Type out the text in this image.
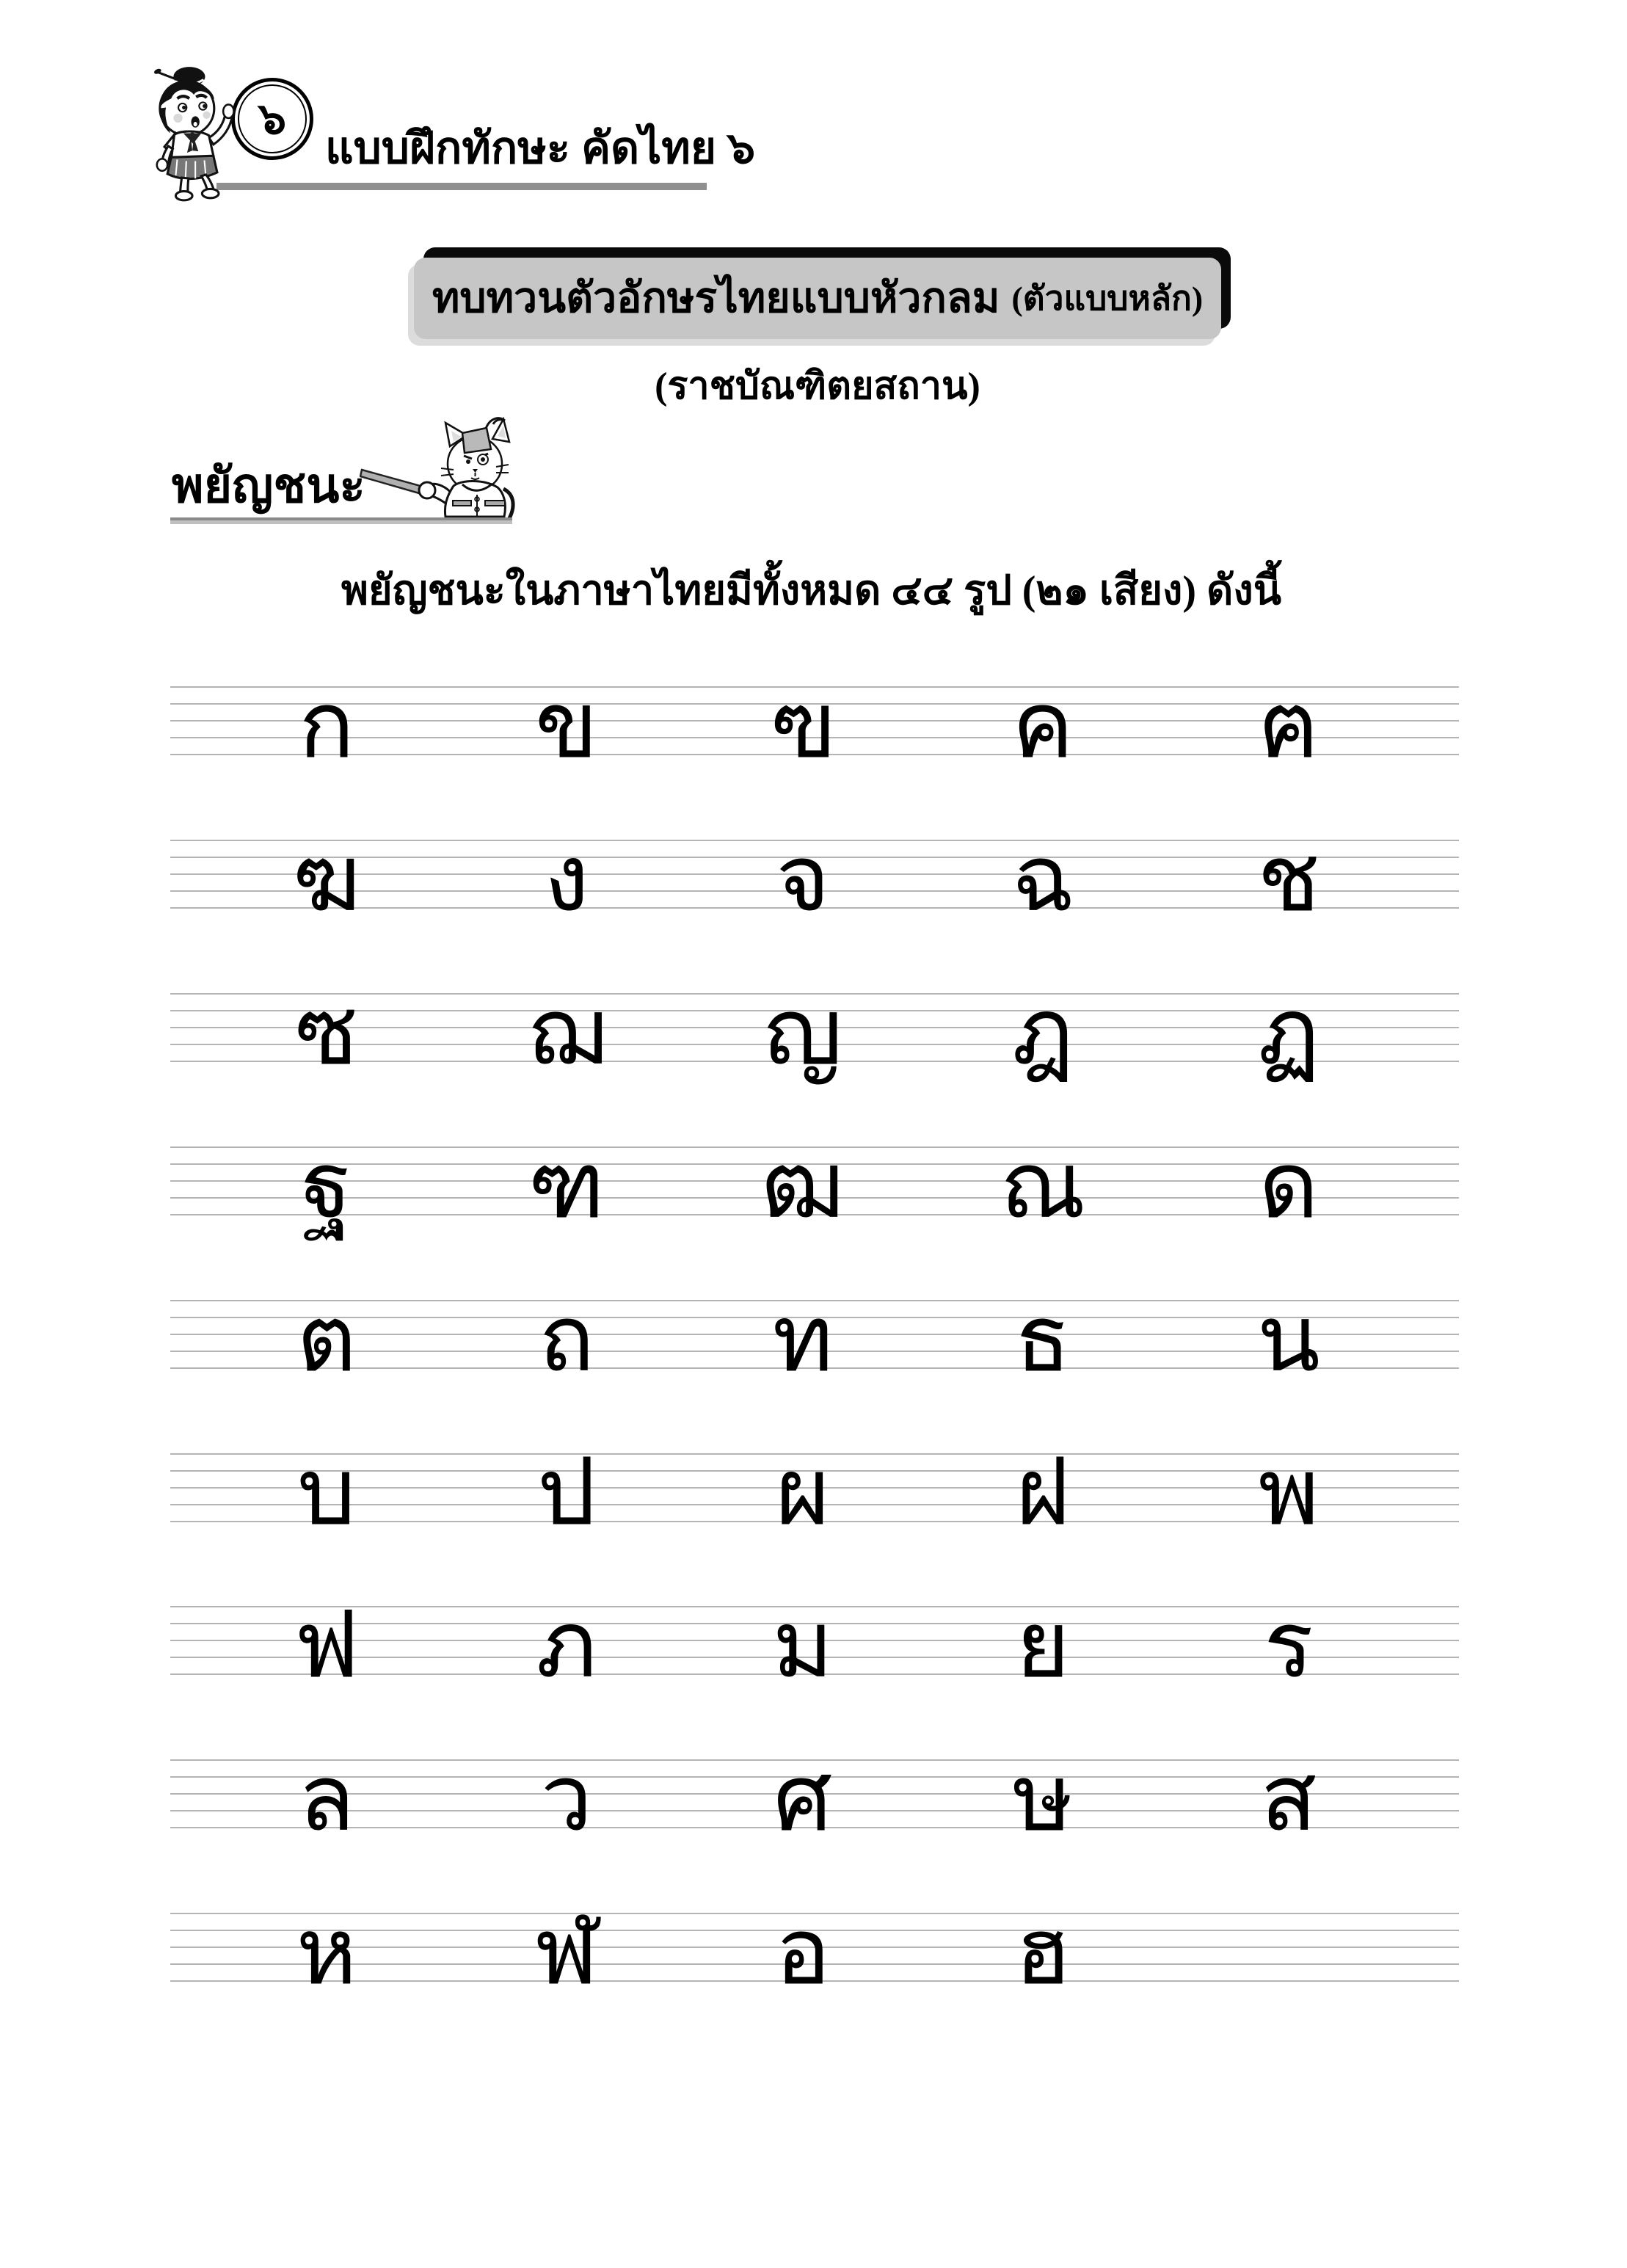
๖
แบบฝึกทักษะ คัดไทย ๖
ทบทวนตัวอักษรไทยแบบหัวกลม (ตัวแบบหลัก)
(ราชบัณฑิตยสถาน)
พยัญชนะ
พยัญชนะในภาษาไทยมีทั้งหมด ๔๔ รูป (๒๑ เสียง) ดังนี้
ก ข ฃ ค ฅ
ฆ ง จ ฉ ช
ซ ฌ ญ ฎ ฏ
ฐ ฑ ฒ ณ ด
ต ถ ท ธ น
บ ป ผ ฝ พ
ฟ ภ ม ย ร
ล ว ศ ษ ส
ห ฬ อ ฮ
